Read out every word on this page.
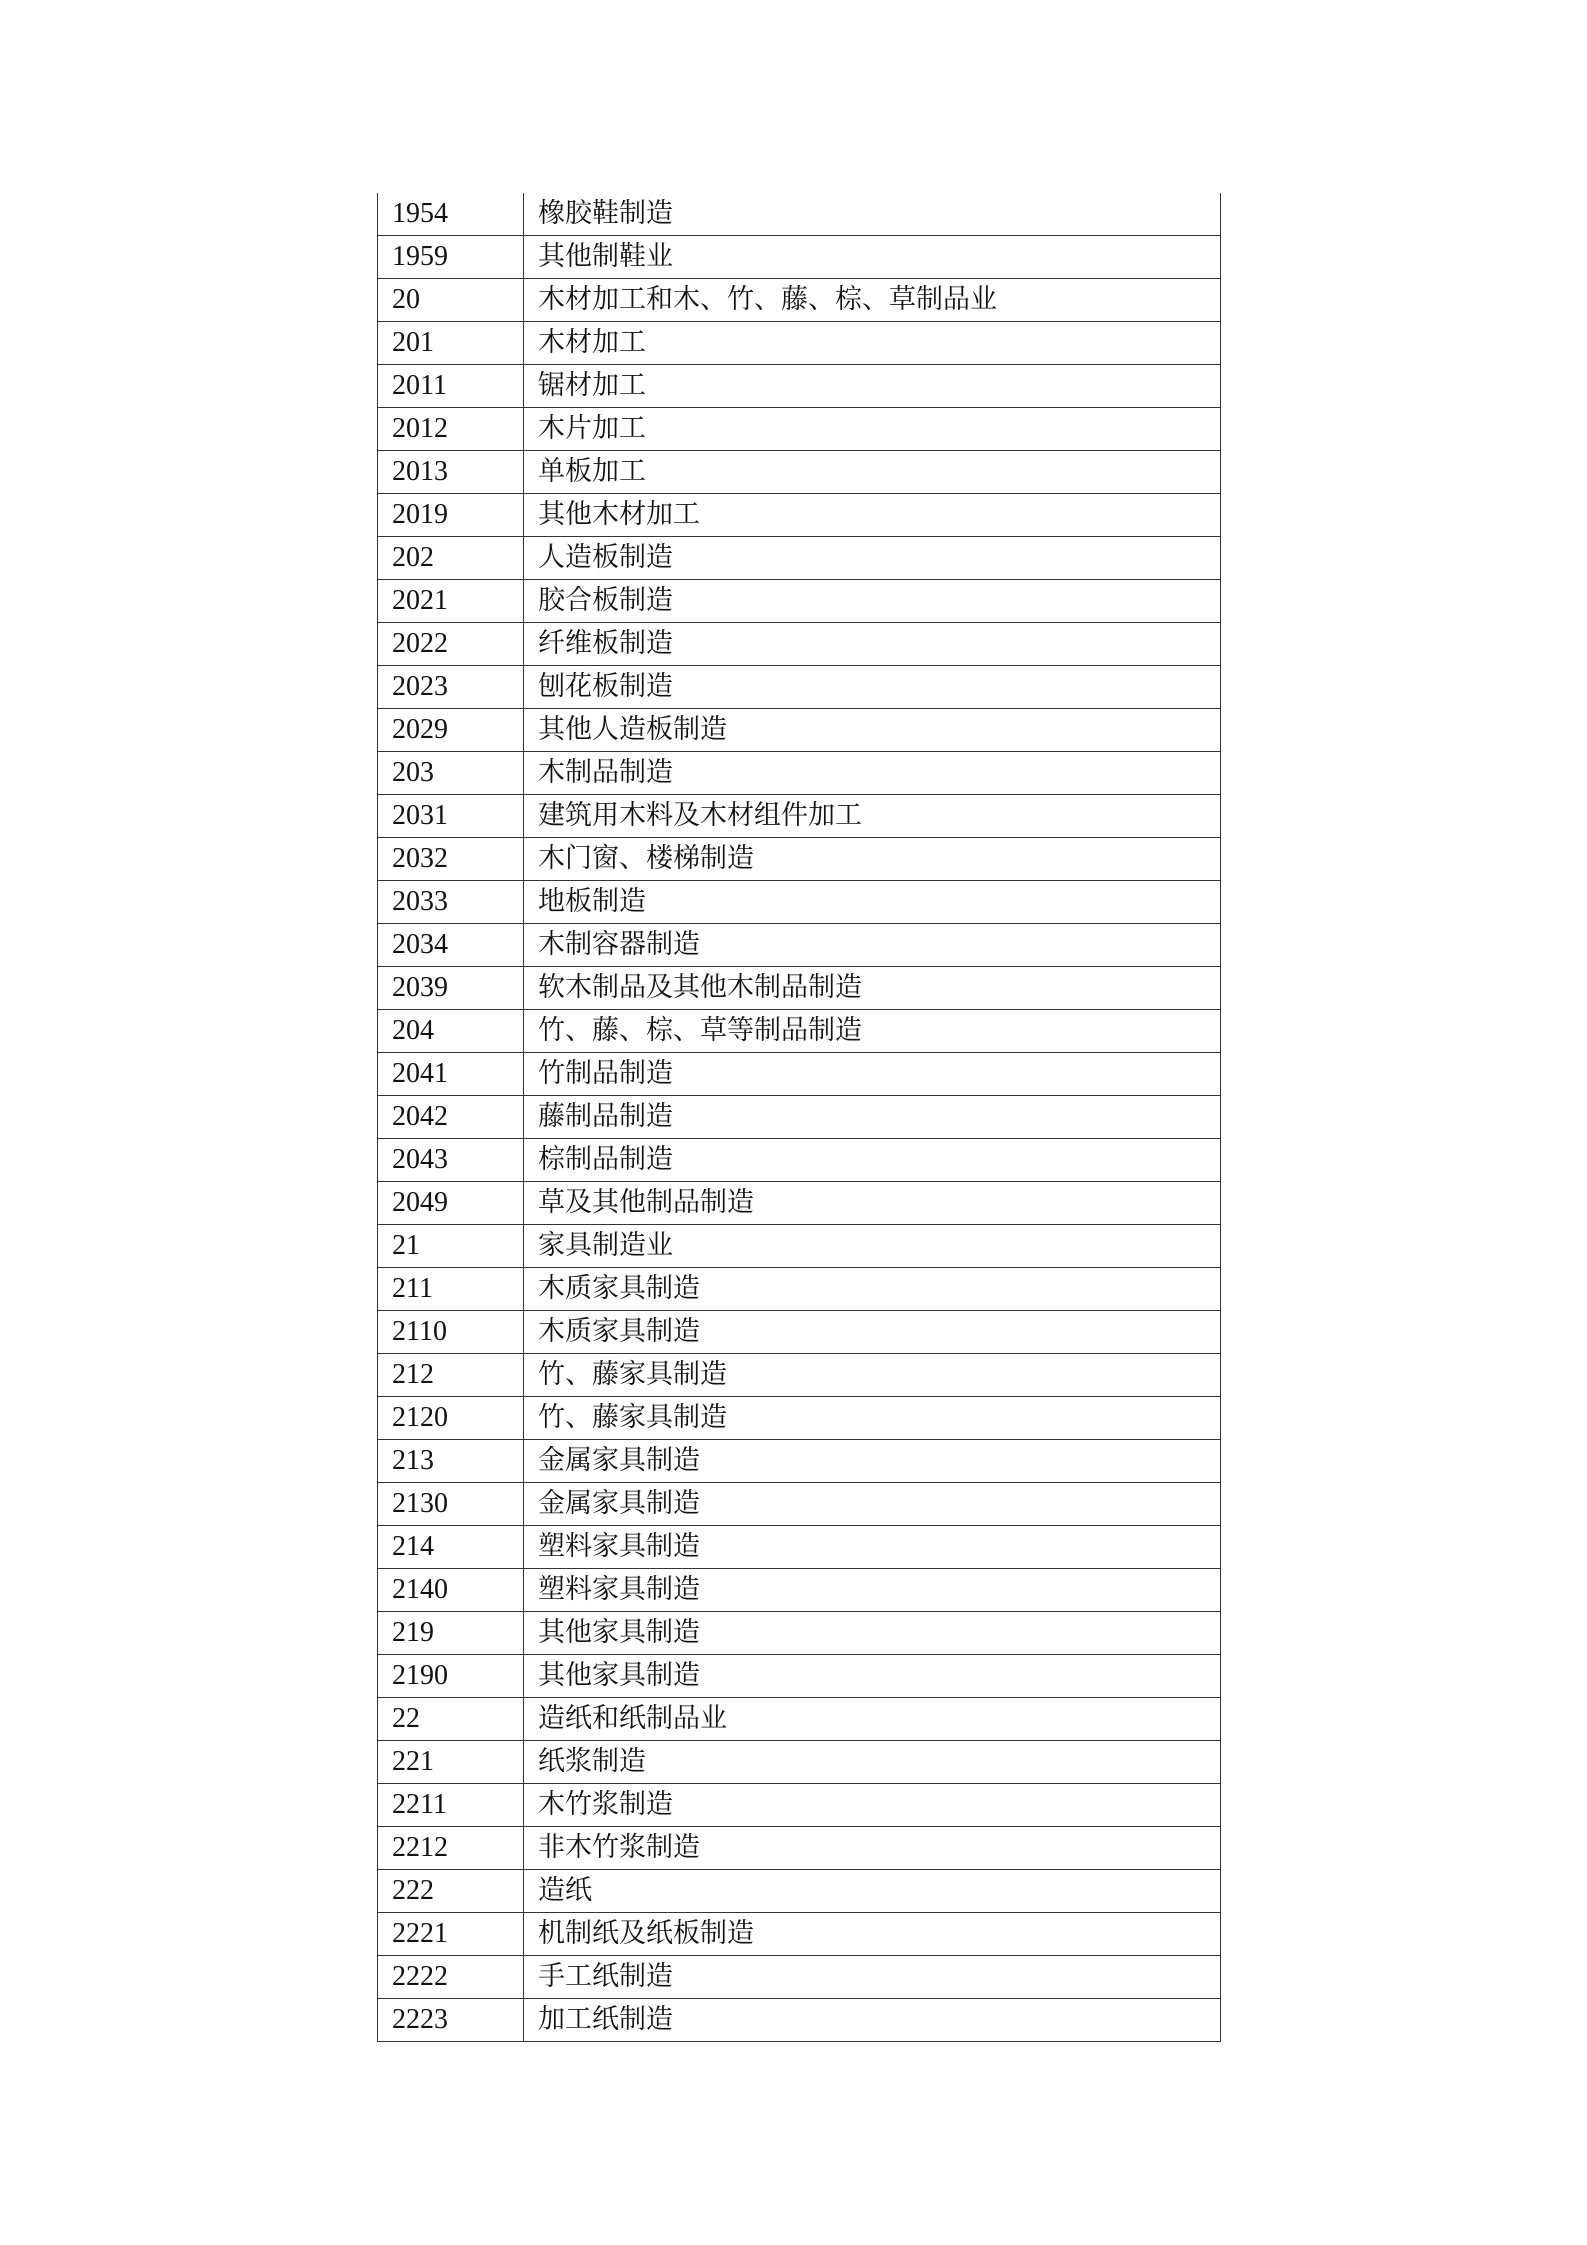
1954	橡胶鞋制造
1959	其他制鞋业
20	木材加工和木、竹、藤、棕、草制品业
201	木材加工
2011	锯材加工
2012	木片加工
2013	单板加工
2019	其他木材加工
202	人造板制造
2021	胶合板制造
2022	纤维板制造
2023	刨花板制造
2029	其他人造板制造
203	木制品制造
2031	建筑用木料及木材组件加工
2032	木门窗、楼梯制造
2033	地板制造
2034	木制容器制造
2039	软木制品及其他木制品制造
204	竹、藤、棕、草等制品制造
2041	竹制品制造
2042	藤制品制造
2043	棕制品制造
2049	草及其他制品制造
21	家具制造业
211	木质家具制造
2110	木质家具制造
212	竹、藤家具制造
2120	竹、藤家具制造
213	金属家具制造
2130	金属家具制造
214	塑料家具制造
2140	塑料家具制造
219	其他家具制造
2190	其他家具制造
22	造纸和纸制品业
221	纸浆制造
2211	木竹浆制造
2212	非木竹浆制造
222	造纸
2221	机制纸及纸板制造
2222	手工纸制造
2223	加工纸制造
